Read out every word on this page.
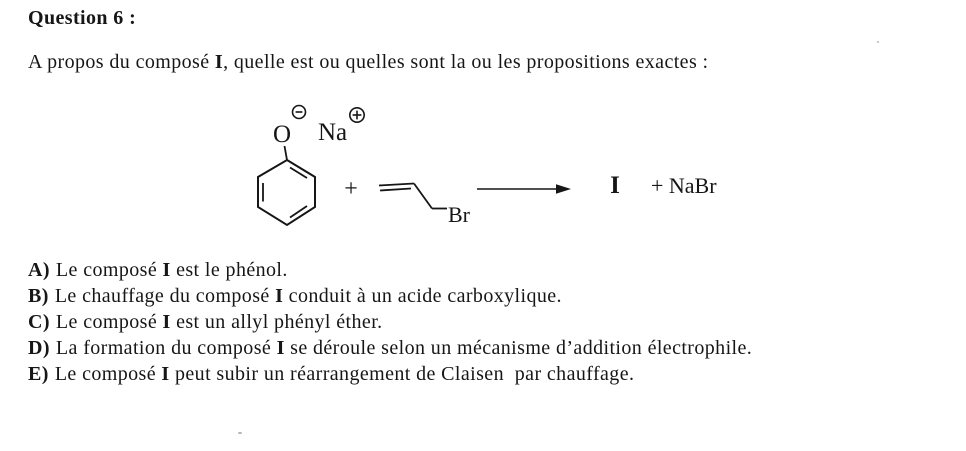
Question 6 :
A propos du composé I, quelle est ou quelles sont la ou les propositions exactes :
O Na
+
Br
I + NaBr
A) Le composé I est le phénol.
B) Le chauffage du composé I conduit à un acide carboxylique.
C) Le composé I est un allyl phényl éther.
D) La formation du composé I se déroule selon un mécanisme d’addition électrophile.
E) Le composé I peut subir un réarrangement de Claisen  par chauffage.
